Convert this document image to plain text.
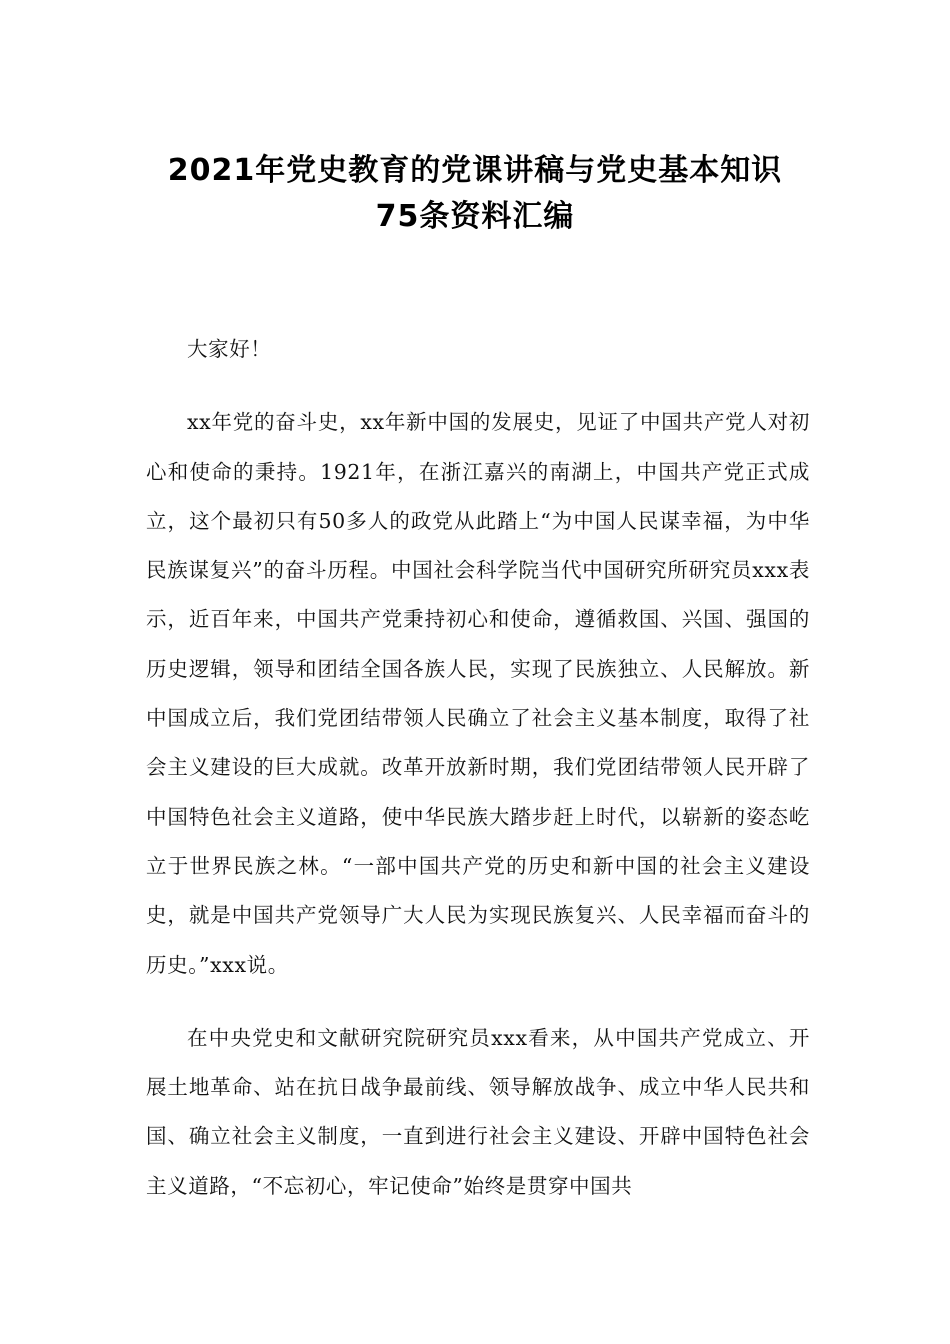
2021年党史教育的党课讲稿与党史基本知识
75条资料汇编

大家好！

xx年党的奋斗史，xx年新中国的发展史，见证了中国共产党人对初心和使命的秉持。1921年，在浙江嘉兴的南湖上，中国共产党正式成立，这个最初只有50多人的政党从此踏上“为中国人民谋幸福，为中华民族谋复兴”的奋斗历程。中国社会科学院当代中国研究所研究员xxx表示，近百年来，中国共产党秉持初心和使命，遵循救国、兴国、强国的历史逻辑，领导和团结全国各族人民，实现了民族独立、人民解放。新中国成立后，我们党团结带领人民确立了社会主义基本制度，取得了社会主义建设的巨大成就。改革开放新时期，我们党团结带领人民开辟了中国特色社会主义道路，使中华民族大踏步赶上时代，以崭新的姿态屹立于世界民族之林。“一部中国共产党的历史和新中国的社会主义建设史，就是中国共产党领导广大人民为实现民族复兴、人民幸福而奋斗的历史。”xxx说。

在中央党史和文献研究院研究员xxx看来，从中国共产党成立、开展土地革命、站在抗日战争最前线、领导解放战争、成立中华人民共和国、确立社会主义制度，一直到进行社会主义建设、开辟中国特色社会主义道路，“不忘初心，牢记使命”始终是贯穿中国共
